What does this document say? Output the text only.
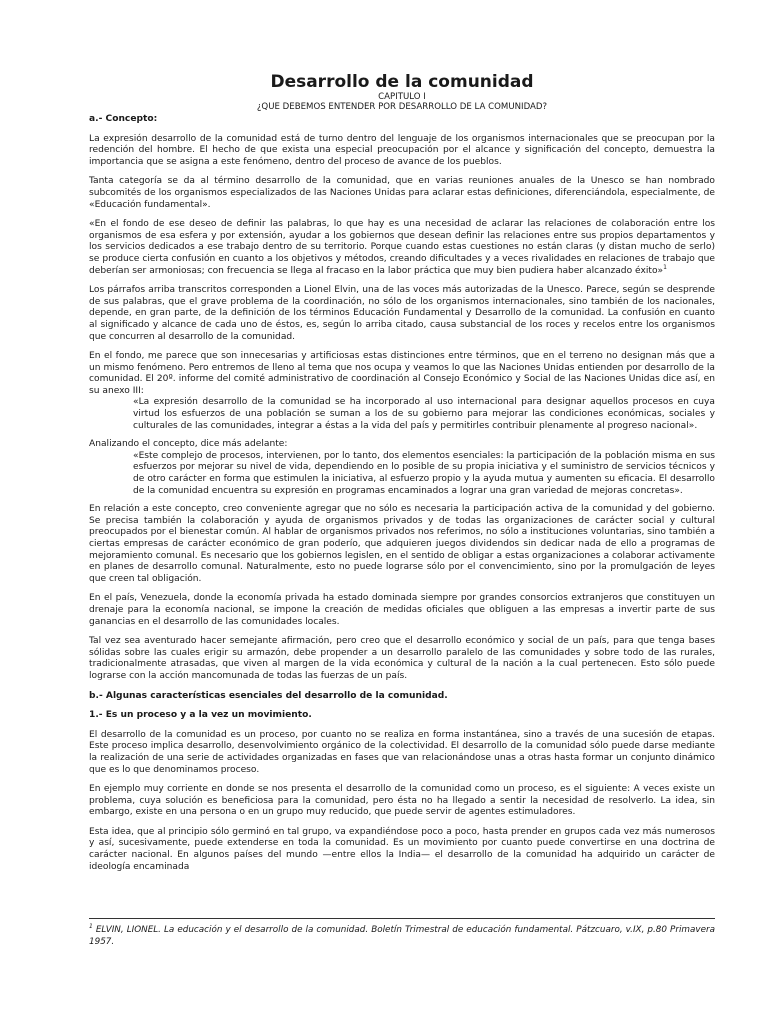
Desarrollo de la comunidad
CAPITULO I
¿QUE DEBEMOS ENTENDER POR DESARROLLO DE LA COMUNIDAD?
a.- Concepto:

La expresión desarrollo de la comunidad está de turno dentro del lenguaje de los organismos internacionales que se preocupan por la redención del hombre. El hecho de que exista una especial preocupación por el alcance y significación del concepto, demuestra la importancia que se asigna a este fenómeno, dentro del proceso de avance de los pueblos.

Tanta categoría se da al término desarrollo de la comunidad, que en varias reuniones anuales de la Unesco se han nombrado subcomités de los organismos especializados de las Naciones Unidas para aclarar estas definiciones, diferenciándola, especialmente, de «Educación fundamental».

«En el fondo de ese deseo de definir las palabras, lo que hay es una necesidad de aclarar las relaciones de colaboración entre los organismos de esa esfera y por extensión, ayudar a los gobiernos que desean definir las relaciones entre sus propios departamentos y los servicios dedicados a ese trabajo dentro de su territorio. Porque cuando estas cuestiones no están claras (y distan mucho de serlo) se produce cierta confusión en cuanto a los objetivos y métodos, creando dificultades y a veces rivalidades en relaciones de trabajo que deberían ser armoniosas; con frecuencia se llega al fracaso en la labor práctica que muy bien pudiera haber alcanzado éxito»$^1$

Los párrafos arriba transcritos corresponden a Lionel Elvin, una de las voces más autorizadas de la Unesco. Parece, según se desprende de sus palabras, que el grave problema de la coordinación, no sólo de los organismos internacionales, sino también de los nacionales, depende, en gran parte, de la definición de los términos Educación Fundamental y Desarrollo de la comunidad. La confusión en cuanto al significado y alcance de cada uno de éstos, es, según lo arriba citado, causa substancial de los roces y recelos entre los organismos que concurren al desarrollo de la comunidad.

En el fondo, me parece que son innecesarias y artificiosas estas distinciones entre términos, que en el terreno no designan más que a un mismo fenómeno. Pero entremos de lleno al tema que nos ocupa y veamos lo que las Naciones Unidas entienden por desarrollo de la comunidad. El 20º. informe del comité administrativo de coordinación al Consejo Económico y Social de las Naciones Unidas dice así, en su anexo III:

«La expresión desarrollo de la comunidad se ha incorporado al uso internacional para designar aquellos procesos en cuya virtud los esfuerzos de una población se suman a los de su gobierno para mejorar las condiciones económicas, sociales y culturales de las comunidades, integrar a éstas a la vida del país y permitirles contribuir plenamente al progreso nacional».

Analizando el concepto, dice más adelante:

«Este complejo de procesos, intervienen, por lo tanto, dos elementos esenciales: la participación de la población misma en sus esfuerzos por mejorar su nivel de vida, dependiendo en lo posible de su propia iniciativa y el suministro de servicios técnicos y de otro carácter en forma que estimulen la iniciativa, al esfuerzo propio y la ayuda mutua y aumenten su eficacia. El desarrollo de la comunidad encuentra su expresión en programas encaminados a lograr una gran variedad de mejoras concretas».

En relación a este concepto, creo conveniente agregar que no sólo es necesaria la participación activa de la comunidad y del gobierno. Se precisa también la colaboración y ayuda de organismos privados y de todas las organizaciones de carácter social y cultural preocupados por el bienestar común. Al hablar de organismos privados nos referimos, no sólo a instituciones voluntarias, sino también a ciertas empresas de carácter económico de gran poderío, que adquieren juegos dividendos sin dedicar nada de ello a programas de mejoramiento comunal. Es necesario que los gobiernos legislen, en el sentido de obligar a estas organizaciones a colaborar activamente en planes de desarrollo comunal. Naturalmente, esto no puede lograrse sólo por el convencimiento, sino por la promulgación de leyes que creen tal obligación.

En el país, Venezuela, donde la economía privada ha estado dominada siempre por grandes consorcios extranjeros que constituyen un drenaje para la economía nacional, se impone la creación de medidas oficiales que obliguen a las empresas a invertir parte de sus ganancias en el desarrollo de las comunidades locales.

Tal vez sea aventurado hacer semejante afirmación, pero creo que el desarrollo económico y social de un país, para que tenga bases sólidas sobre las cuales erigir su armazón, debe propender a un desarrollo paralelo de las comunidades y sobre todo de las rurales, tradicionalmente atrasadas, que viven al margen de la vida económica y cultural de la nación a la cual pertenecen. Esto sólo puede lograrse con la acción mancomunada de todas las fuerzas de un país.

b.- Algunas características esenciales del desarrollo de la comunidad.
1.- Es un proceso y a la vez un movimiento.

El desarrollo de la comunidad es un proceso, por cuanto no se realiza en forma instantánea, sino a través de una sucesión de etapas. Este proceso implica desarrollo, desenvolvimiento orgánico de la colectividad. El desarrollo de la comunidad sólo puede darse mediante la realización de una serie de actividades organizadas en fases que van relacionándose unas a otras hasta formar un conjunto dinámico que es lo que denominamos proceso.

En ejemplo muy corriente en donde se nos presenta el desarrollo de la comunidad como un proceso, es el siguiente: A veces existe un problema, cuya solución es beneficiosa para la comunidad, pero ésta no ha llegado a sentir la necesidad de resolverlo. La idea, sin embargo, existe en una persona o en un grupo muy reducido, que puede servir de agentes estimuladores.

Esta idea, que al principio sólo germinó en tal grupo, va expandiéndose poco a poco, hasta prender en grupos cada vez más numerosos y así, sucesivamente, puede extenderse en toda la comunidad. Es un movimiento por cuanto puede convertirse en una doctrina de carácter nacional. En algunos países del mundo —entre ellos la India— el desarrollo de la comunidad ha adquirido un carácter de ideología encaminada

$^1$ ELVIN, LIONEL. La educación y el desarrollo de la comunidad. Boletín Trimestral de educación fundamental. Pátzcuaro, v.IX, p.80 Primavera 1957.
